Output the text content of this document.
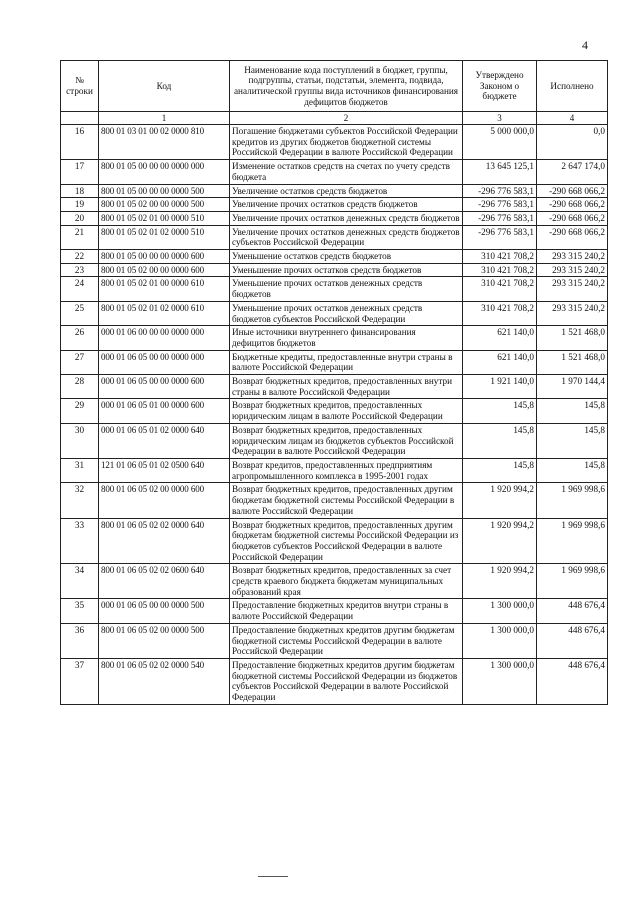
4
№ строки	Код	Наименование кода поступлений в бюджет, группы, подгруппы, статьи, подстатьи, элемента, подвида, аналитической группы вида источников финансирования дефицитов бюджетов	Утверждено Законом о бюджете	Исполнено
	1	2	3	4
16	800 01 03 01 00 02 0000 810	Погашение бюджетами субъектов Российской Федерации кредитов из других бюджетов бюджетной системы Российской Федерации в валюте Российской Федерации	5 000 000,0	0,0
17	800 01 05 00 00 00 0000 000	Изменение остатков средств на счетах по учету средств бюджета	13 645 125,1	2 647 174,0
18	800 01 05 00 00 00 0000 500	Увеличение остатков средств бюджетов	-296 776 583,1	-290 668 066,2
19	800 01 05 02 00 00 0000 500	Увеличение прочих остатков средств бюджетов	-296 776 583,1	-290 668 066,2
20	800 01 05 02 01 00 0000 510	Увеличение прочих остатков денежных средств бюджетов	-296 776 583,1	-290 668 066,2
21	800 01 05 02 01 02 0000 510	Увеличение прочих остатков денежных средств бюджетов субъектов Российской Федерации	-296 776 583,1	-290 668 066,2
22	800 01 05 00 00 00 0000 600	Уменьшение остатков средств бюджетов	310 421 708,2	293 315 240,2
23	800 01 05 02 00 00 0000 600	Уменьшение прочих остатков средств бюджетов	310 421 708,2	293 315 240,2
24	800 01 05 02 01 00 0000 610	Уменьшение прочих остатков денежных средств бюджетов	310 421 708,2	293 315 240,2
25	800 01 05 02 01 02 0000 610	Уменьшение прочих остатков денежных средств бюджетов субъектов Российской Федерации	310 421 708,2	293 315 240,2
26	000 01 06 00 00 00 0000 000	Иные источники внутреннего финансирования дефицитов бюджетов	621 140,0	1 521 468,0
27	000 01 06 05 00 00 0000 000	Бюджетные кредиты, предоставленные внутри страны в валюте Российской Федерации	621 140,0	1 521 468,0
28	000 01 06 05 00 00 0000 600	Возврат бюджетных кредитов, предоставленных внутри страны в валюте Российской Федерации	1 921 140,0	1 970 144,4
29	000 01 06 05 01 00 0000 600	Возврат бюджетных кредитов, предоставленных юридическим лицам в валюте Российской Федерации	145,8	145,8
30	000 01 06 05 01 02 0000 640	Возврат бюджетных кредитов, предоставленных юридическим лицам из бюджетов субъектов Российской Федерации в валюте Российской Федерации	145,8	145,8
31	121 01 06 05 01 02 0500 640	Возврат кредитов, предоставленных предприятиям агропромышленного комплекса в 1995-2001 годах	145,8	145,8
32	800 01 06 05 02 00 0000 600	Возврат бюджетных кредитов, предоставленных другим бюджетам бюджетной системы Российской Федерации в валюте Российской Федерации	1 920 994,2	1 969 998,6
33	800 01 06 05 02 02 0000 640	Возврат бюджетных кредитов, предоставленных другим бюджетам бюджетной системы Российской Федерации из бюджетов субъектов Российской Федерации в валюте Российской Федерации	1 920 994,2	1 969 998,6
34	800 01 06 05 02 02 0600 640	Возврат бюджетных кредитов, предоставленных за счет средств краевого бюджета бюджетам муниципальных образований края	1 920 994,2	1 969 998,6
35	000 01 06 05 00 00 0000 500	Предоставление бюджетных кредитов внутри страны в валюте Российской Федерации	1 300 000,0	448 676,4
36	800 01 06 05 02 00 0000 500	Предоставление бюджетных кредитов другим бюджетам бюджетной системы Российской Федерации в валюте Российской Федерации	1 300 000,0	448 676,4
37	800 01 06 05 02 02 0000 540	Предоставление бюджетных кредитов другим бюджетам бюджетной системы Российской Федерации из бюджетов субъектов Российской Федерации в валюте Российской Федерации	1 300 000,0	448 676,4
